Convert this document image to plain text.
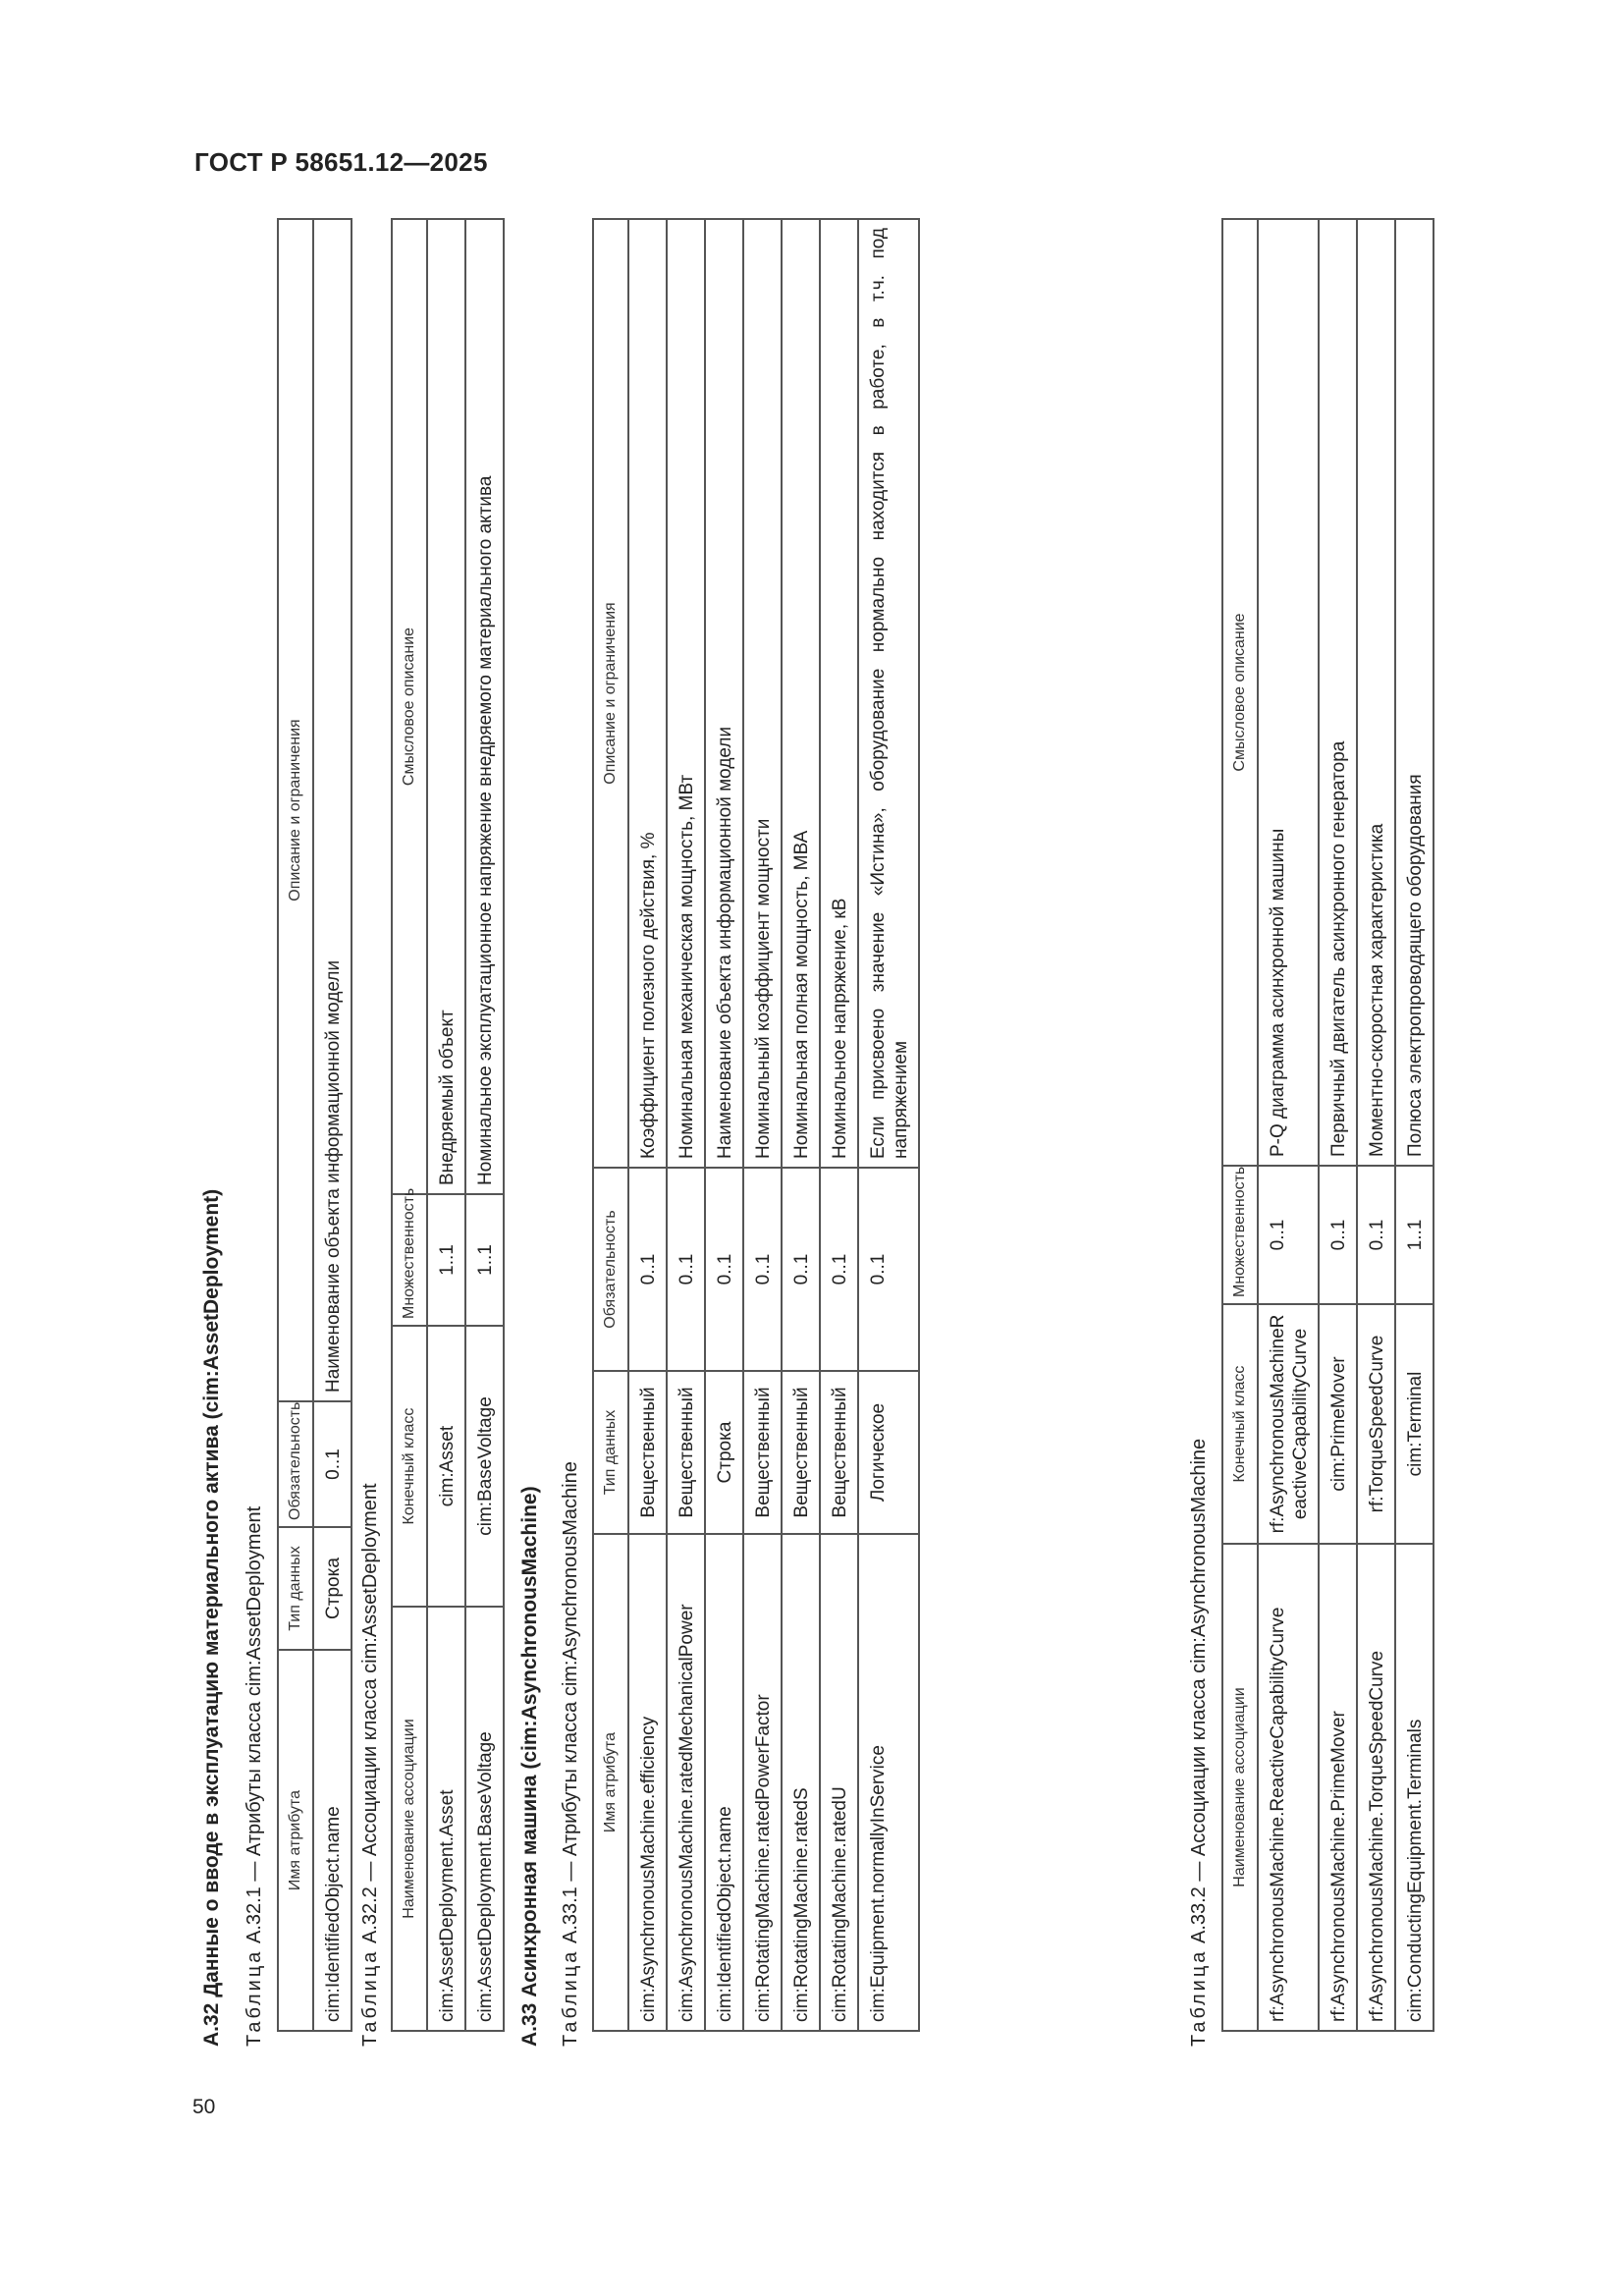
ГОСТ Р 58651.12—2025
50
А.32 Данные о вводе в эксплуатацию материального актива (cim:AssetDeployment) Таблица А.32.1 — Атрибуты класса cim:AssetDeployment Имя атрибута	Тип данных	Обязательность	Описание и ограничения
cim:IdentifiedObject.name	Строка	0..1	Наименование объекта информационной модели
Таблица А.32.2 — Ассоциации класса cim:AssetDeployment Наименование ассоциации	Конечный класс	Множественность	Смысловое описание
cim:AssetDeployment.Asset	cim:Asset	1..1	Внедряемый объект
cim:AssetDeployment.BaseVoltage	cim:BaseVoltage	1..1	Номинальное эксплуатационное напряжение внедряемого материального актива
А.33 Асинхронная машина (cim:AsynchronousMachine) Таблица А.33.1 — Атрибуты класса cim:AsynchronousMachine Имя атрибута	Тип данных	Обязательность	Описание и ограничения
cim:AsynchronousMachine.efficiency	Вещественный	0..1	Коэффициент полезного действия, %
cim:AsynchronousMachine.ratedMechanicalPower	Вещественный	0..1	Номинальная механическая мощность, МВт
cim:IdentifiedObject.name	Строка	0..1	Наименование объекта информационной модели
cim:RotatingMachine.ratedPowerFactor	Вещественный	0..1	Номинальный коэффициент мощности
cim:RotatingMachine.ratedS	Вещественный	0..1	Номинальная полная мощность, МВА
cim:RotatingMachine.ratedU	Вещественный	0..1	Номинальное напряжение, кВ
cim:Equipment.normallyInService	Логическое	0..1	Если присвоено значение «Истина», оборудование нормально находится в работе, в т.ч. под напряжением
Таблица А.33.2 — Ассоциации класса cim:AsynchronousMachine Наименование ассоциации	Конечный класс	Множественность	Смысловое описание
rf:AsynchronousMachine.ReactiveCapabilityCurve	rf:AsynchronousMachineReactiveCapabilityCurve	0..1	P-Q диаграмма асинхронной машины
rf:AsynchronousMachine.PrimeMover	cim:PrimeMover	0..1	Первичный двигатель асинхронного генератора
rf:AsynchronousMachine.TorqueSpeedCurve	rf:TorqueSpeedCurve	0..1	Моментно-скоростная характеристика
cim:ConductingEquipment.Terminals	cim:Terminal	1..1	Полюса электропроводящего оборудования
